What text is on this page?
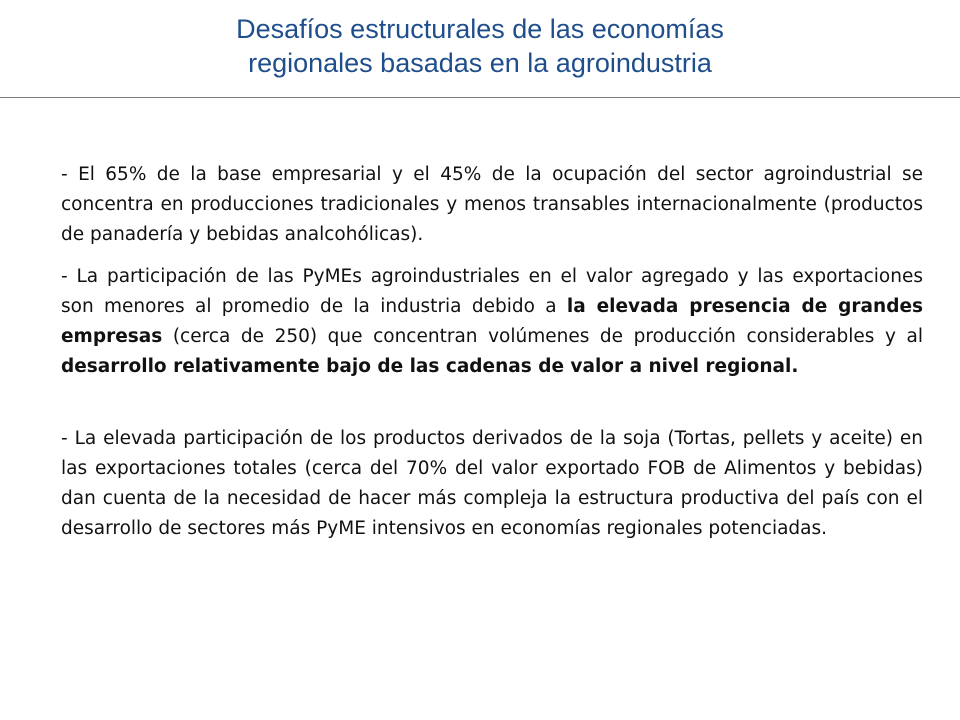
Desafíos estructurales de las economías
regionales basadas en la agroindustria

- El 65% de la base empresarial y el 45% de la ocupación del sector agroindustrial se concentra en producciones tradicionales y menos transables internacionalmente (productos de panadería y bebidas analcohólicas).

- La participación de las PyMEs agroindustriales en el valor agregado y las exportaciones son menores al promedio de la industria debido a la elevada presencia de grandes empresas (cerca de 250) que concentran volúmenes de producción considerables y al desarrollo relativamente bajo de las cadenas de valor a nivel regional.

- La elevada participación de los productos derivados de la soja (Tortas, pellets y aceite) en las exportaciones totales (cerca del 70% del valor exportado FOB de Alimentos y bebidas) dan cuenta de la necesidad de hacer más compleja la estructura productiva del país con el desarrollo de sectores más PyME intensivos en economías regionales potenciadas.
